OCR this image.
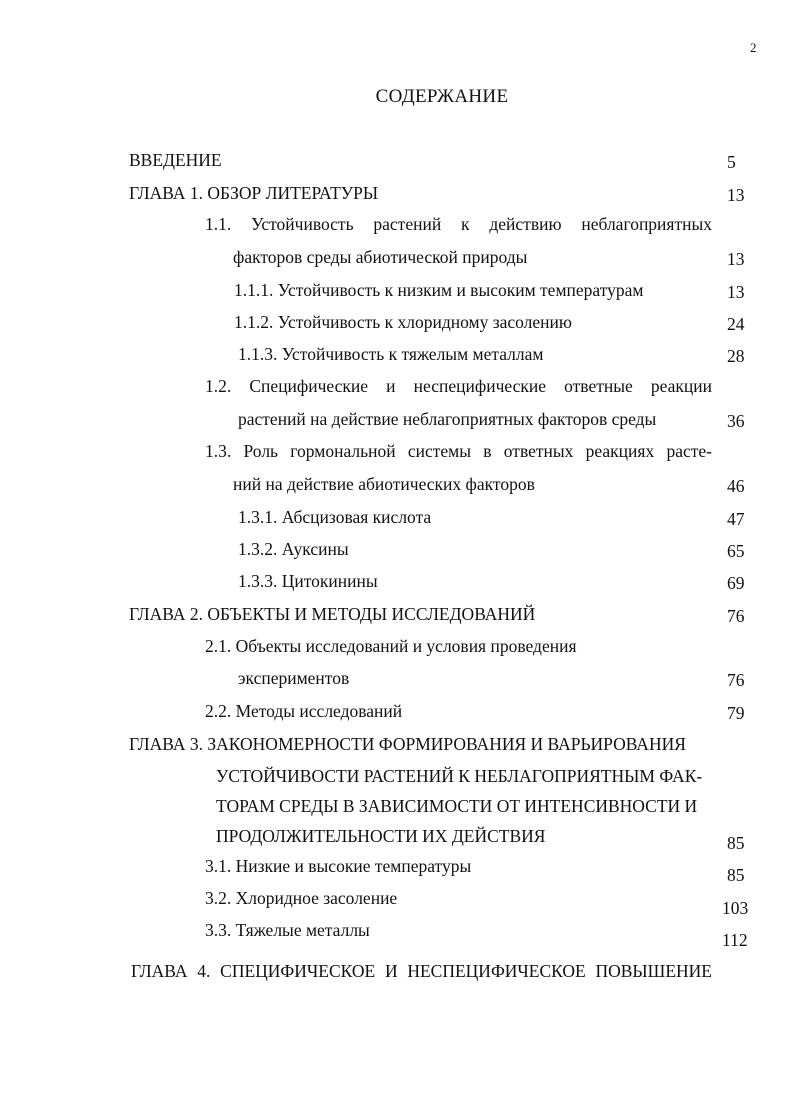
2
СОДЕРЖАНИЕ
ВВЕДЕНИЕ	5
ГЛАВА 1. ОБЗОР ЛИТЕРАТУРЫ	13
1.1. Устойчивость растений к действию неблагоприятных
факторов среды абиотической природы	13
1.1.1. Устойчивость к низким и высоким температурам	13
1.1.2. Устойчивость к хлоридному засолению	24
1.1.3. Устойчивость к тяжелым металлам	28
1.2. Специфические и неспецифические ответные реакции
растений на действие неблагоприятных факторов среды	36
1.3. Роль гормональной системы в ответных реакциях расте-
ний на действие абиотических факторов	46
1.3.1. Абсцизовая кислота	47
1.3.2. Ауксины	65
1.3.3. Цитокинины	69
ГЛАВА 2. ОБЪЕКТЫ И МЕТОДЫ ИССЛЕДОВАНИЙ	76
2.1. Объекты исследований и условия проведения
экспериментов	76
2.2. Методы исследований	79
ГЛАВА 3. ЗАКОНОМЕРНОСТИ ФОРМИРОВАНИЯ И ВАРЬИРОВАНИЯ
УСТОЙЧИВОСТИ РАСТЕНИЙ К НЕБЛАГОПРИЯТНЫМ ФАК-
ТОРАМ СРЕДЫ В ЗАВИСИМОСТИ ОТ ИНТЕНСИВНОСТИ И
ПРОДОЛЖИТЕЛЬНОСТИ ИХ ДЕЙСТВИЯ	85
3.1. Низкие и высокие температуры	85
3.2. Хлоридное засоление	103
3.3. Тяжелые металлы	112
ГЛАВА 4. СПЕЦИФИЧЕСКОЕ И НЕСПЕЦИФИЧЕСКОЕ ПОВЫШЕНИЕ
